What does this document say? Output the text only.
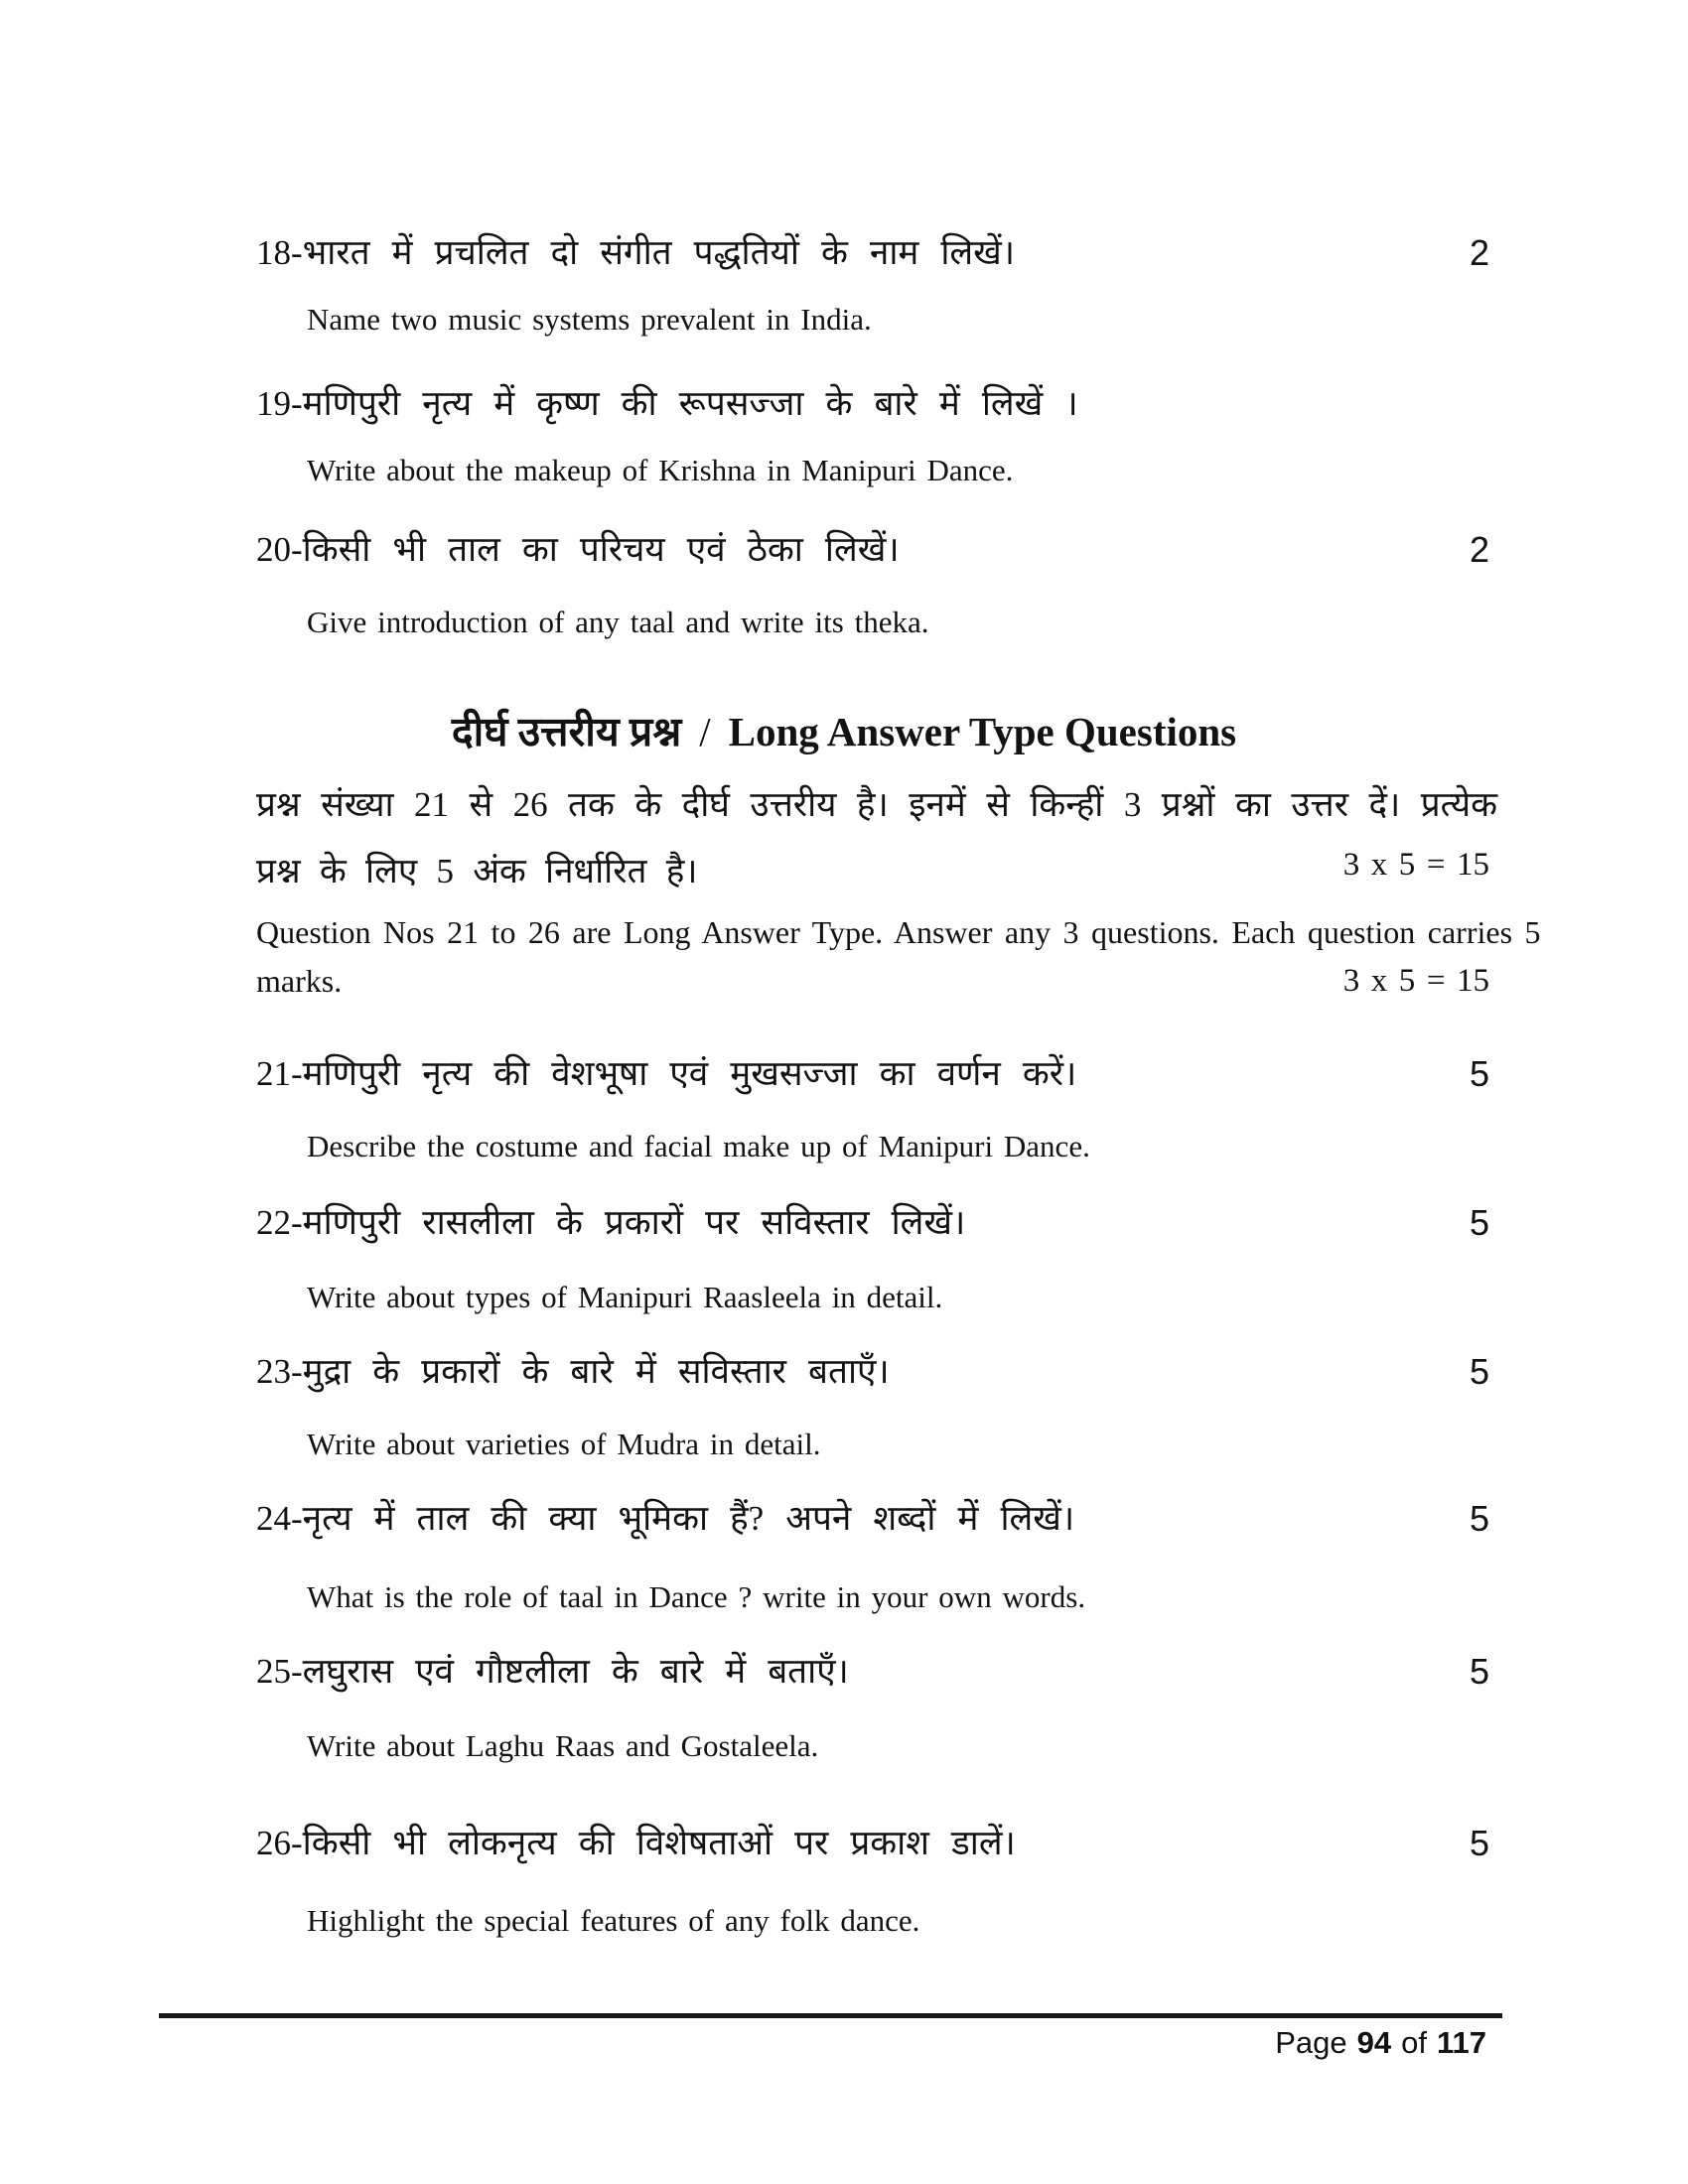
18-भारत में प्रचलित दो संगीत पद्धतियों के नाम लिखें।	2
Name two music systems prevalent in India.
19-मणिपुरी नृत्य में कृष्ण की रूपसज्जा के बारे में लिखें ।
Write about the makeup of Krishna in Manipuri Dance.
20-किसी भी ताल का परिचय एवं ठेका लिखें।	2
Give introduction of any taal and write its theka.
दीर्घ उत्तरीय प्रश्न / Long Answer Type Questions
प्रश्न संख्या 21 से 26 तक के दीर्घ उत्तरीय है। इनमें से किन्हीं 3 प्रश्नों का उत्तर दें। प्रत्येक
प्रश्न के लिए 5 अंक निर्धारित है।	3 x 5 = 15
Question Nos 21 to 26 are Long Answer Type. Answer any 3 questions. Each question carries 5
marks.	3 x 5 = 15
21-मणिपुरी नृत्य की वेशभूषा एवं मुखसज्जा का वर्णन करें।	5
Describe the costume and facial make up of Manipuri Dance.
22-मणिपुरी रासलीला के प्रकारों पर सविस्तार लिखें।	5
Write about types of Manipuri Raasleela in detail.
23-मुद्रा के प्रकारों के बारे में सविस्तार बताएँ।	5
Write about varieties of Mudra in detail.
24-नृत्य में ताल की क्या भूमिका हैं? अपने शब्दों में लिखें।	5
What is the role of taal in Dance ? write in your own words.
25-लघुरास एवं गौष्टलीला के बारे में बताएँ।	5
Write about Laghu Raas and Gostaleela.
26-किसी भी लोकनृत्य की विशेषताओं पर प्रकाश डालें।	5
Highlight the special features of any folk dance.
Page 94 of 117
